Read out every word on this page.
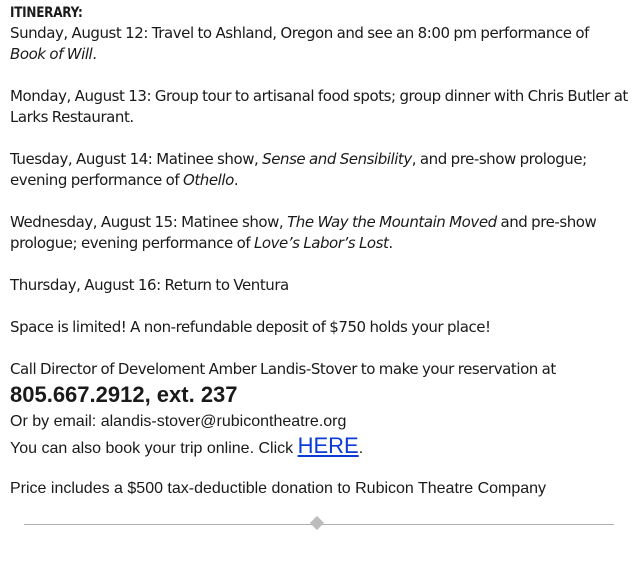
ITINERARY:

Sunday, August 12: Travel to Ashland, Oregon and see an 8:00 pm performance of Book of Will.

Monday, August 13: Group tour to artisanal food spots; group dinner with Chris Butler at Larks Restaurant.

Tuesday, August 14: Matinee show, Sense and Sensibility, and pre-show prologue; evening performance of Othello.

Wednesday, August 15: Matinee show, The Way the Mountain Moved and pre-show prologue; evening performance of Love’s Labor’s Lost.

Thursday, August 16: Return to Ventura

Space is limited! A non-refundable deposit of $750 holds your place!

Call Director of Develoment Amber Landis-Stover to make your reservation at

805.667.2912, ext. 237

Or by email: alandis-stover@rubicontheatre.org

You can also book your trip online. Click HERE.

Price includes a $500 tax-deductible donation to Rubicon Theatre Company
